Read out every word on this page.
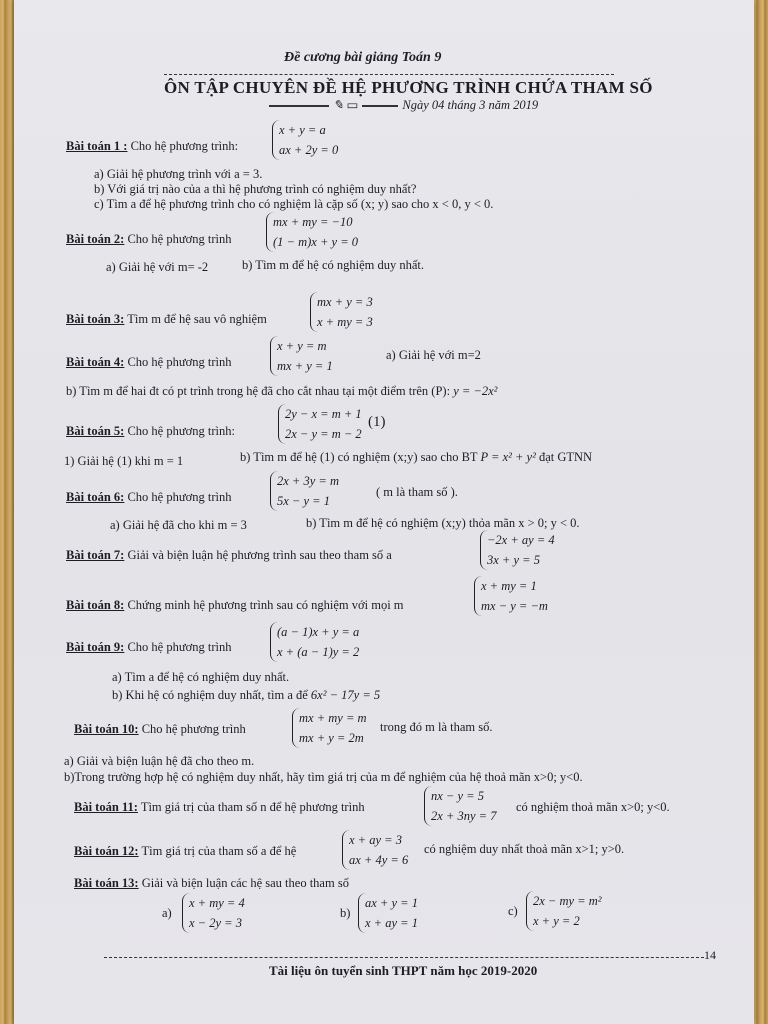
Đề cương bài giảng Toán 9
ÔN TẬP CHUYÊN ĐỀ HỆ PHƯƠNG TRÌNH CHỨA THAM SỐ
✎ ▭	Ngày 04 tháng 3 năm 2019
Bài toán 1 : Cho hệ phương trình:
x + y = a
ax + 2y = 0
a) Giải hệ phương trình với a = 3.
b) Với giá trị nào của a thì hệ phương trình có nghiệm duy nhất?
c) Tìm a để hệ phương trình cho có nghiệm là cặp số (x; y) sao cho x < 0, y < 0.
Bài toán 2: Cho hệ phương trình
mx + my = −10
(1 − m)x + y = 0
a) Giải hệ với m= -2	b) Tìm m để hệ có nghiệm duy nhất.
Bài toán 3: Tìm m để hệ sau vô nghiệm
mx + y = 3
x + my = 3
Bài toán 4: Cho hệ phương trình
x + y = m
mx + y = 1
a) Giải hệ với m=2
b) Tìm m để hai đt có pt trình trong hệ đã cho cắt nhau tại một điểm trên (P): y = −2x²
Bài toán 5: Cho hệ phương trình:
2y − x = m + 1
2x − y = m − 2
(1)
1) Giải hệ (1) khi m = 1	b) Tìm m để hệ (1) có nghiệm (x;y) sao cho BT P = x² + y² đạt GTNN
Bài toán 6: Cho hệ phương trình
2x + 3y = m
5x − y = 1
( m là tham số ).
a) Giải hệ đã cho khi m = 3	b) Tìm m để hệ có nghiệm (x;y) thỏa mãn x > 0; y < 0.
Bài toán 7: Giải và biện luận hệ phương trình sau theo tham số a
−2x + ay = 4
3x + y = 5
Bài toán 8: Chứng minh hệ phương trình sau có nghiệm với mọi m
x + my = 1
mx − y = −m
Bài toán 9: Cho hệ phương trình
(a − 1)x + y = a
x + (a − 1)y = 2
a) Tìm a để hệ có nghiệm duy nhất.
b) Khi hệ có nghiệm duy nhất, tìm a để 6x² − 17y = 5
Bài toán 10: Cho hệ phương trình
mx + my = m
mx + y = 2m
trong đó m là tham số.
a) Giải và biện luận hệ đã cho theo m.
b)Trong trường hợp hệ có nghiệm duy nhất, hãy tìm giá trị của m để nghiệm của hệ thoả mãn x>0; y<0.
Bài toán 11: Tìm giá trị của tham số n để hệ phương trình
nx − y = 5
2x + 3ny = 7
có nghiệm thoả mãn x>0; y<0.
Bài toán 12: Tìm giá trị của tham số a để hệ
x + ay = 3
ax + 4y = 6
có nghiệm duy nhất thoả mãn x>1; y>0.
Bài toán 13: Giải và biện luận các hệ sau theo tham số
a)
x + my = 4
x − 2y = 3
b)
ax + y = 1
x + ay = 1
c)
2x − my = m²
x + y = 2
14
Tài liệu ôn tuyển sinh THPT năm học 2019-2020
